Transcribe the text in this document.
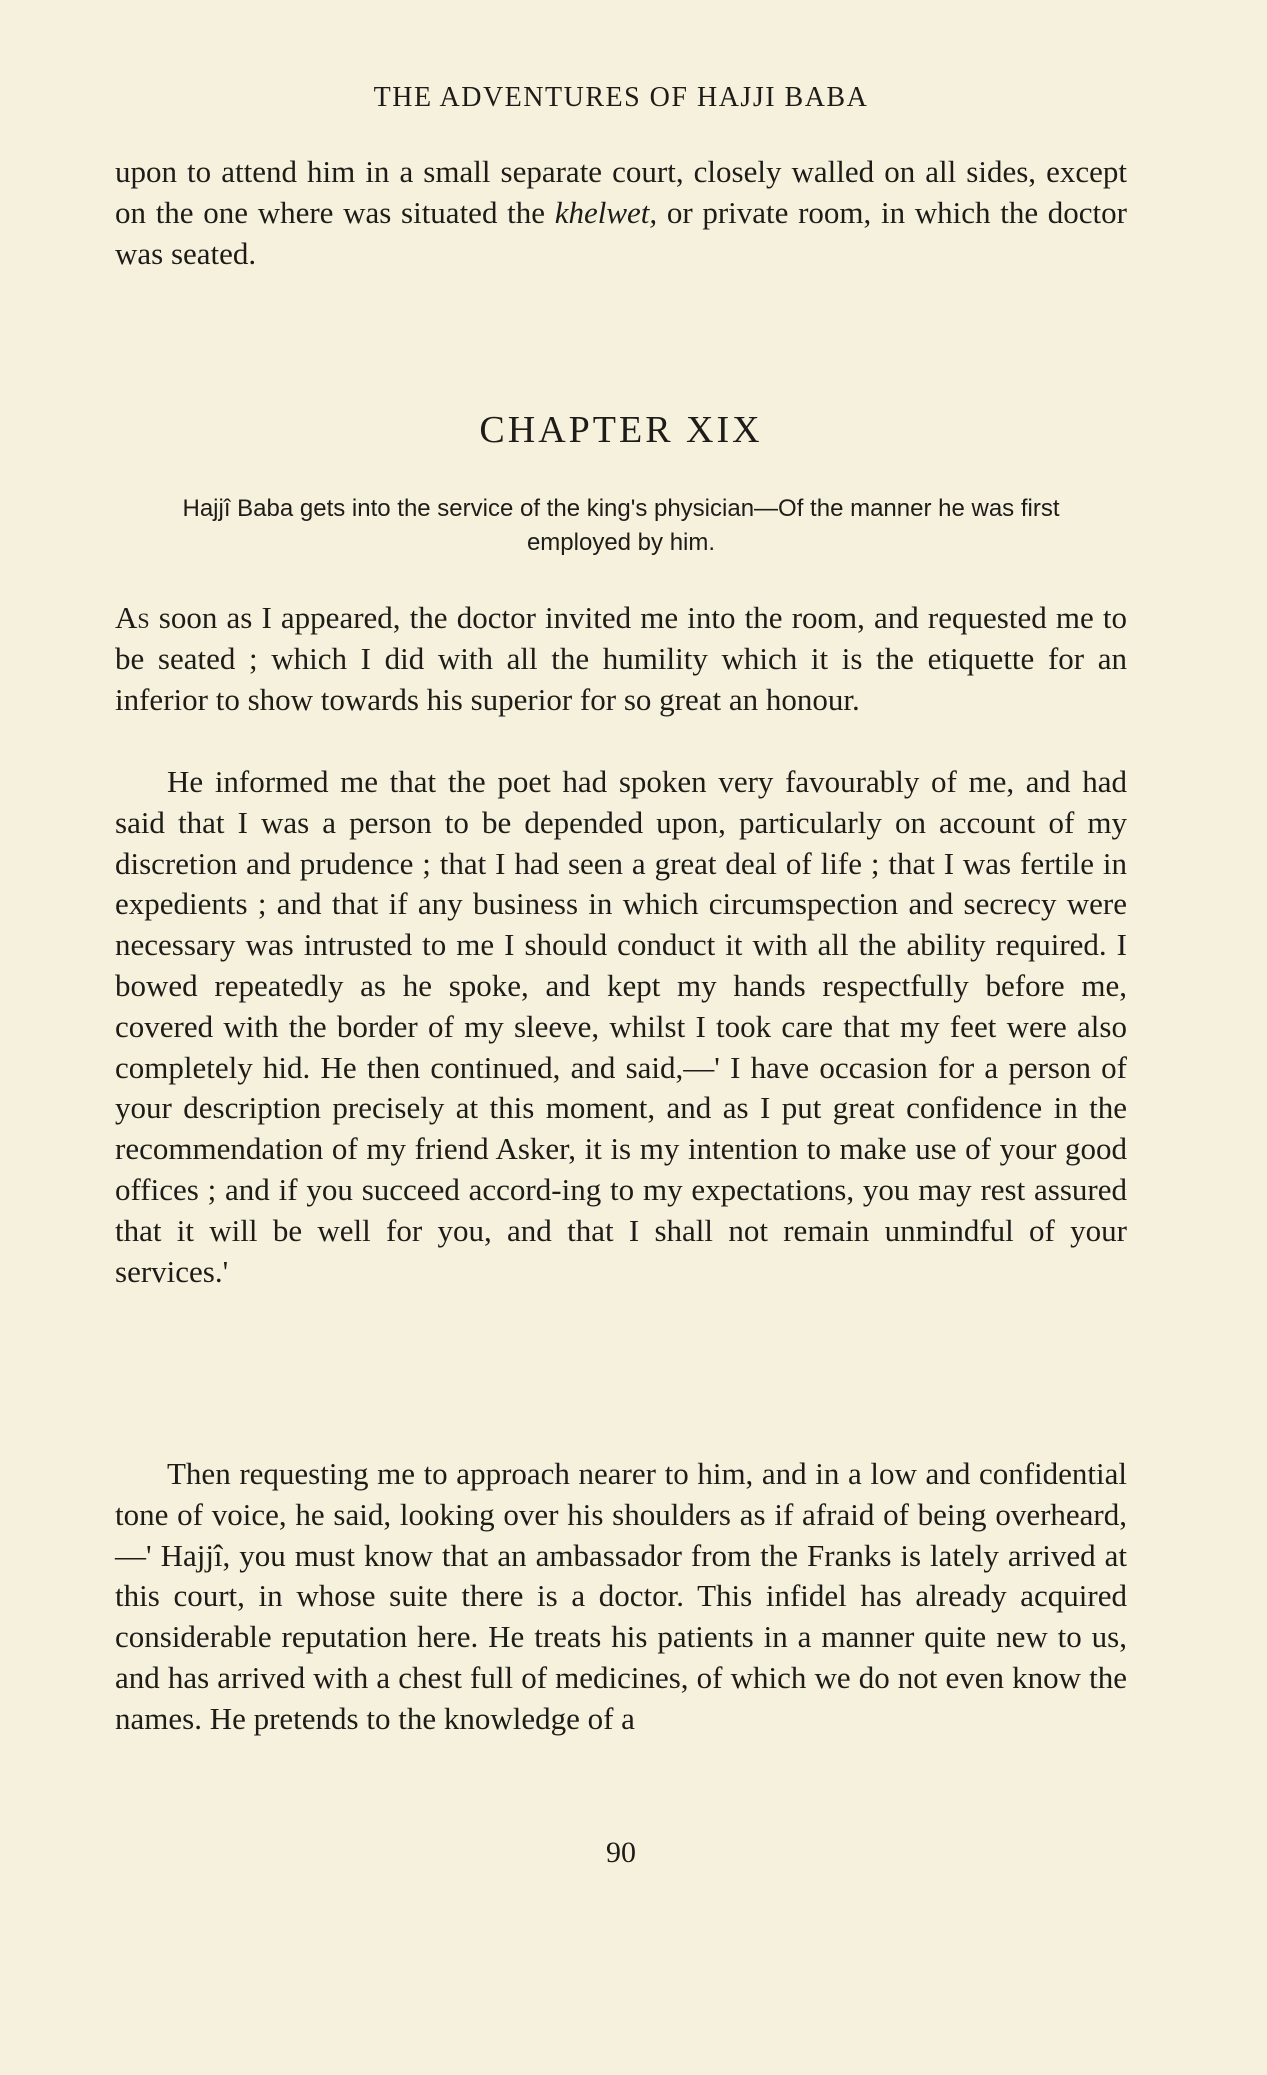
THE ADVENTURES OF HAJJI BABA

upon to attend him in a small separate court, closely walled on all sides, except on the one where was situated the khelwet, or private room, in which the doctor was seated.

CHAPTER XIX
Hajjî Baba gets into the service of the king's physician—Of the manner he was first employed by him.

As soon as I appeared, the doctor invited me into the room, and requested me to be seated ; which I did with all the humility which it is the etiquette for an inferior to show towards his superior for so great an honour.

He informed me that the poet had spoken very favourably of me, and had said that I was a person to be depended upon, particularly on account of my discretion and prudence ; that I had seen a great deal of life ; that I was fertile in expedients ; and that if any business in which circumspection and secrecy were necessary was intrusted to me I should conduct it with all the ability required. I bowed repeatedly as he spoke, and kept my hands respectfully before me, covered with the border of my sleeve, whilst I took care that my feet were also completely hid. He then continued, and said,—' I have occasion for a person of your description precisely at this moment, and as I put great confidence in the recommendation of my friend Asker, it is my intention to make use of your good offices ; and if you succeed accord-ing to my expectations, you may rest assured that it will be well for you, and that I shall not remain unmindful of your services.'

Then requesting me to approach nearer to him, and in a low and confidential tone of voice, he said, looking over his shoulders as if afraid of being overheard,—' Hajjî, you must know that an ambassador from the Franks is lately arrived at this court, in whose suite there is a doctor. This infidel has already acquired considerable reputation here. He treats his patients in a manner quite new to us, and has arrived with a chest full of medicines, of which we do not even know the names. He pretends to the knowledge of a

90
